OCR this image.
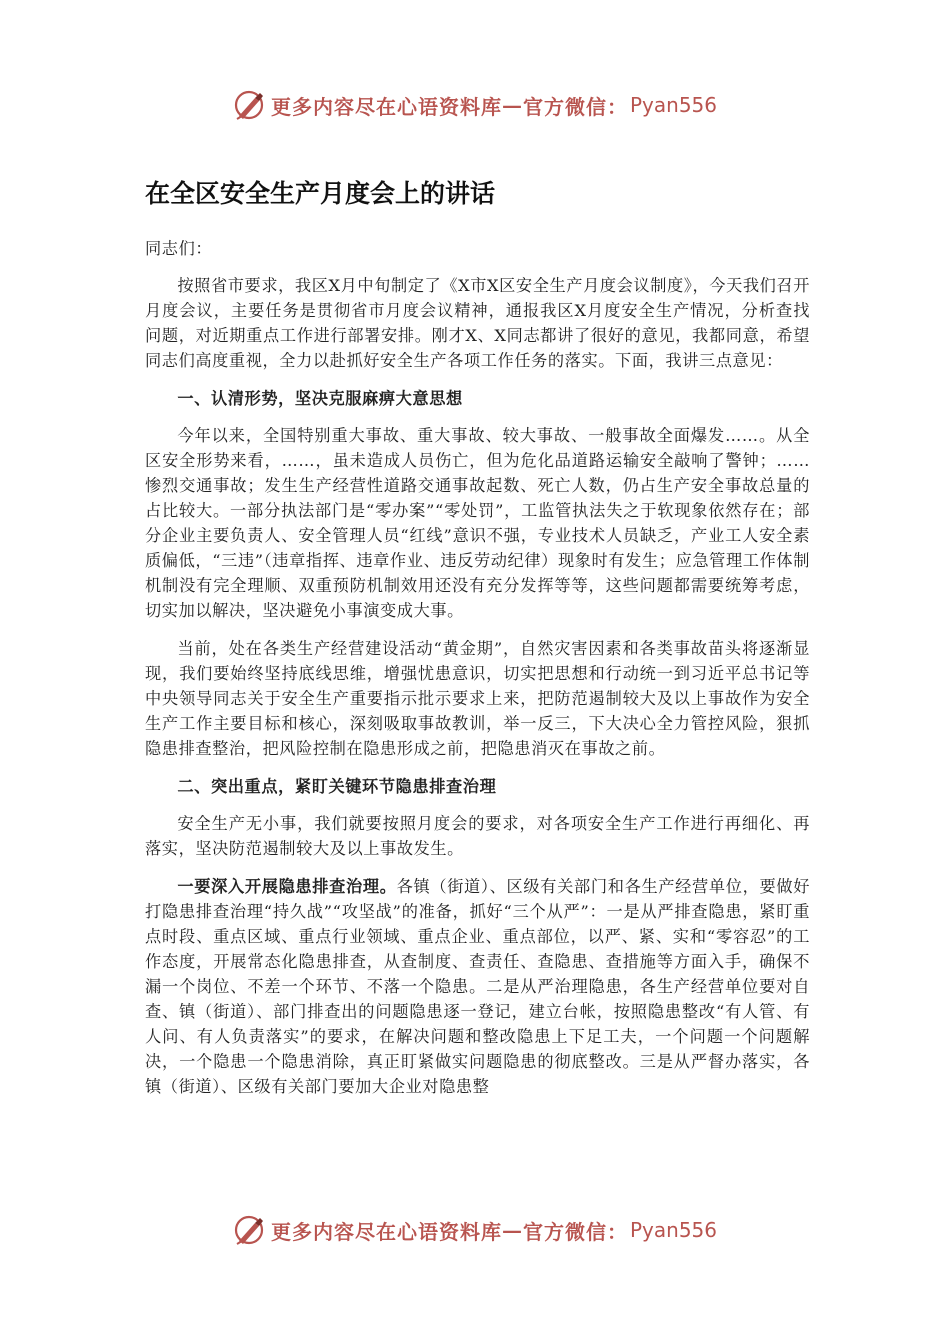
更多内容尽在心语资料库 — 官方微信： Pyan556
在全区安全生产月度会上的讲话

同志们：

按照省市要求，我区X月中旬制定了《X市X区安全生产月度会议制度》，今天我们召开月度会议，主要任务是贯彻省市月度会议精神，通报我区X月度安全生产情况，分析查找问题，对近期重点工作进行部署安排。刚才X、X同志都讲了很好的意见，我都同意，希望同志们高度重视，全力以赴抓好安全生产各项工作任务的落实。下面，我讲三点意见：

一、认清形势，坚决克服麻痹大意思想

今年以来，全国特别重大事故、重大事故、较大事故、一般事故全面爆发……。从全区安全形势来看，……，虽未造成人员伤亡，但为危化品道路运输安全敲响了警钟；……惨烈交通事故；发生生产经营性道路交通事故起数、死亡人数，仍占生产安全事故总量的占比较大。一部分执法部门是“零办案”“零处罚”，工监管执法失之于软现象依然存在；部分企业主要负责人、安全管理人员“红线”意识不强，专业技术人员缺乏，产业工人安全素质偏低，“三违”（违章指挥、违章作业、违反劳动纪律）现象时有发生；应急管理工作体制机制没有完全理顺、双重预防机制效用还没有充分发挥等等，这些问题都需要统筹考虑，切实加以解决，坚决避免小事演变成大事。

当前，处在各类生产经营建设活动“黄金期”，自然灾害因素和各类事故苗头将逐渐显现，我们要始终坚持底线思维，增强忧患意识，切实把思想和行动统一到习近平总书记等中央领导同志关于安全生产重要指示批示要求上来，把防范遏制较大及以上事故作为安全生产工作主要目标和核心，深刻吸取事故教训，举一反三，下大决心全力管控风险，狠抓隐患排查整治，把风险控制在隐患形成之前，把隐患消灭在事故之前。

二、突出重点，紧盯关键环节隐患排查治理

安全生产无小事，我们就要按照月度会的要求，对各项安全生产工作进行再细化、再落实，坚决防范遏制较大及以上事故发生。

一要深入开展隐患排查治理。各镇（街道）、区级有关部门和各生产经营单位，要做好打隐患排查治理“持久战”“攻坚战”的准备，抓好“三个从严”：一是从严排查隐患，紧盯重点时段、重点区域、重点行业领域、重点企业、重点部位，以严、紧、实和“零容忍”的工作态度，开展常态化隐患排查，从查制度、查责任、查隐患、查措施等方面入手，确保不漏一个岗位、不差一个环节、不落一个隐患。二是从严治理隐患，各生产经营单位要对自查、镇（街道）、部门排查出的问题隐患逐一登记，建立台帐，按照隐患整改“有人管、有人问、有人负责落实”的要求，在解决问题和整改隐患上下足工夫，一个问题一个问题解决，一个隐患一个隐患消除，真正盯紧做实问题隐患的彻底整改。三是从严督办落实，各镇（街道）、区级有关部门要加大企业对隐患整

更多内容尽在心语资料库 — 官方微信： Pyan556
